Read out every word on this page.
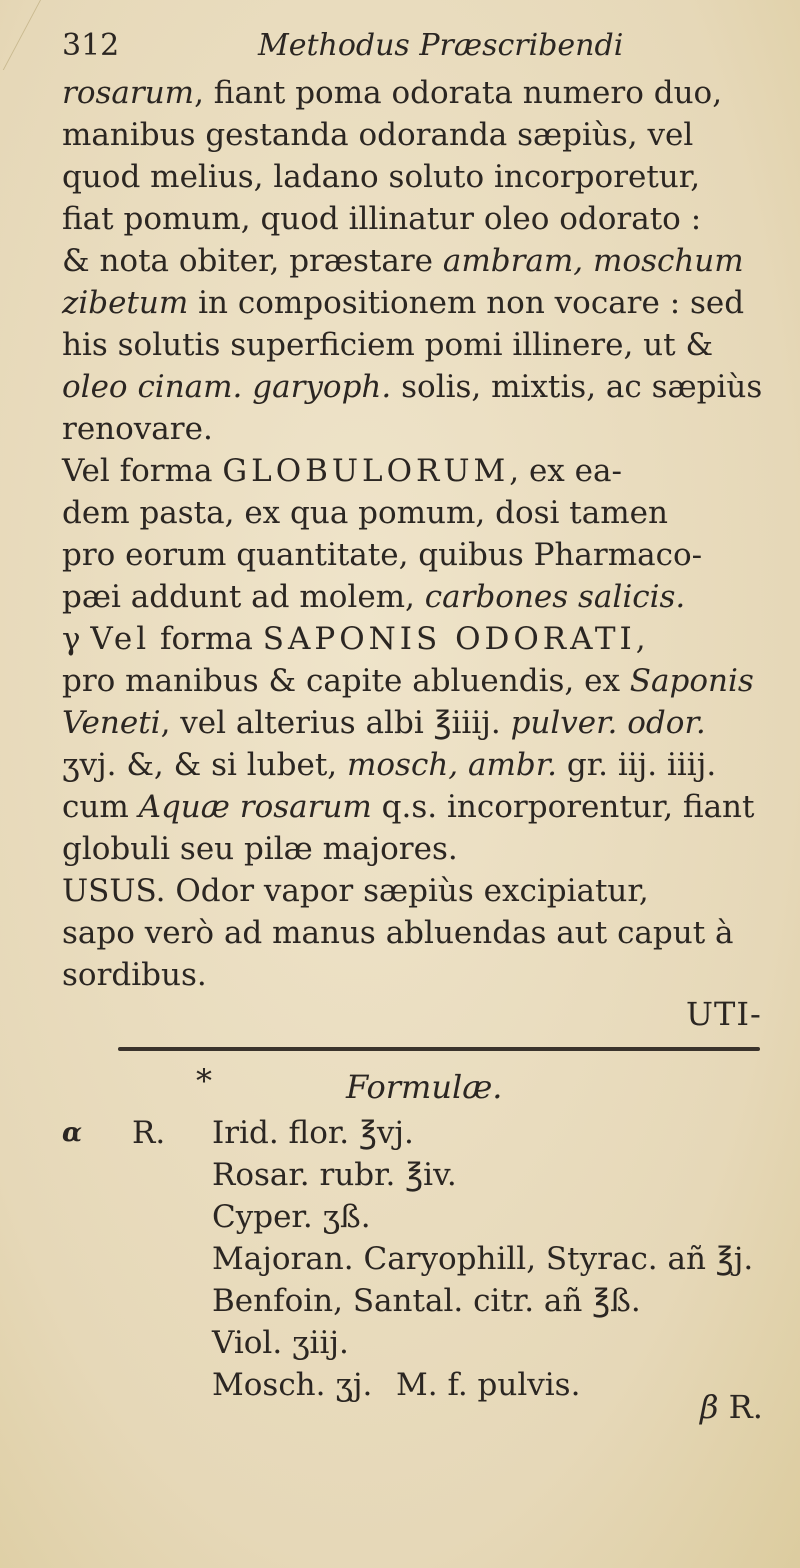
312	Methodus Præscribendi
rosarum, fiant poma odorata numero duo,
manibus gestanda odoranda sæpiùs, vel
quod melius, ladano soluto incorporetur,
fiat pomum, quod illinatur oleo odorato :
& nota obiter, præstare ambram, moschum
zibetum in compositionem non vocare : sed
his solutis superficiem pomi illinere, ut &
oleo cinam. garyoph. solis, mixtis, ac sæpiùs
renovare.
Vel forma GLOBULORUM, ex ea-
dem pasta, ex qua pomum, dosi tamen
pro eorum quantitate, quibus Pharmaco-
pæi addunt ad molem, carbones salicis.
γ Vel forma SAPONIS ODORATI,
pro manibus & capite abluendis, ex Saponis
Veneti, vel alterius albi ℥iiij. pulver. odor.
ʒvj. &, & si lubet, mosch, ambr. gr. iij. iiij.
cum Aquæ rosarum q.s. incorporentur, fiant
globuli seu pilæ majores.
USUS. Odor vapor sæpiùs excipiatur,
sapo verò ad manus abluendas aut caput à
sordibus.
UTI-
*	Formulæ.
α R. Irid. flor. ℥vj.
Rosar. rubr. ℥iv.
Cyper. ʒß.
Majoran. Caryophill, Styrac. añ ℥j.
Benfoin, Santal. citr. añ ℥ß.
Viol. ʒiij.
Mosch. ʒj. M. f. pulvis.
β R.
